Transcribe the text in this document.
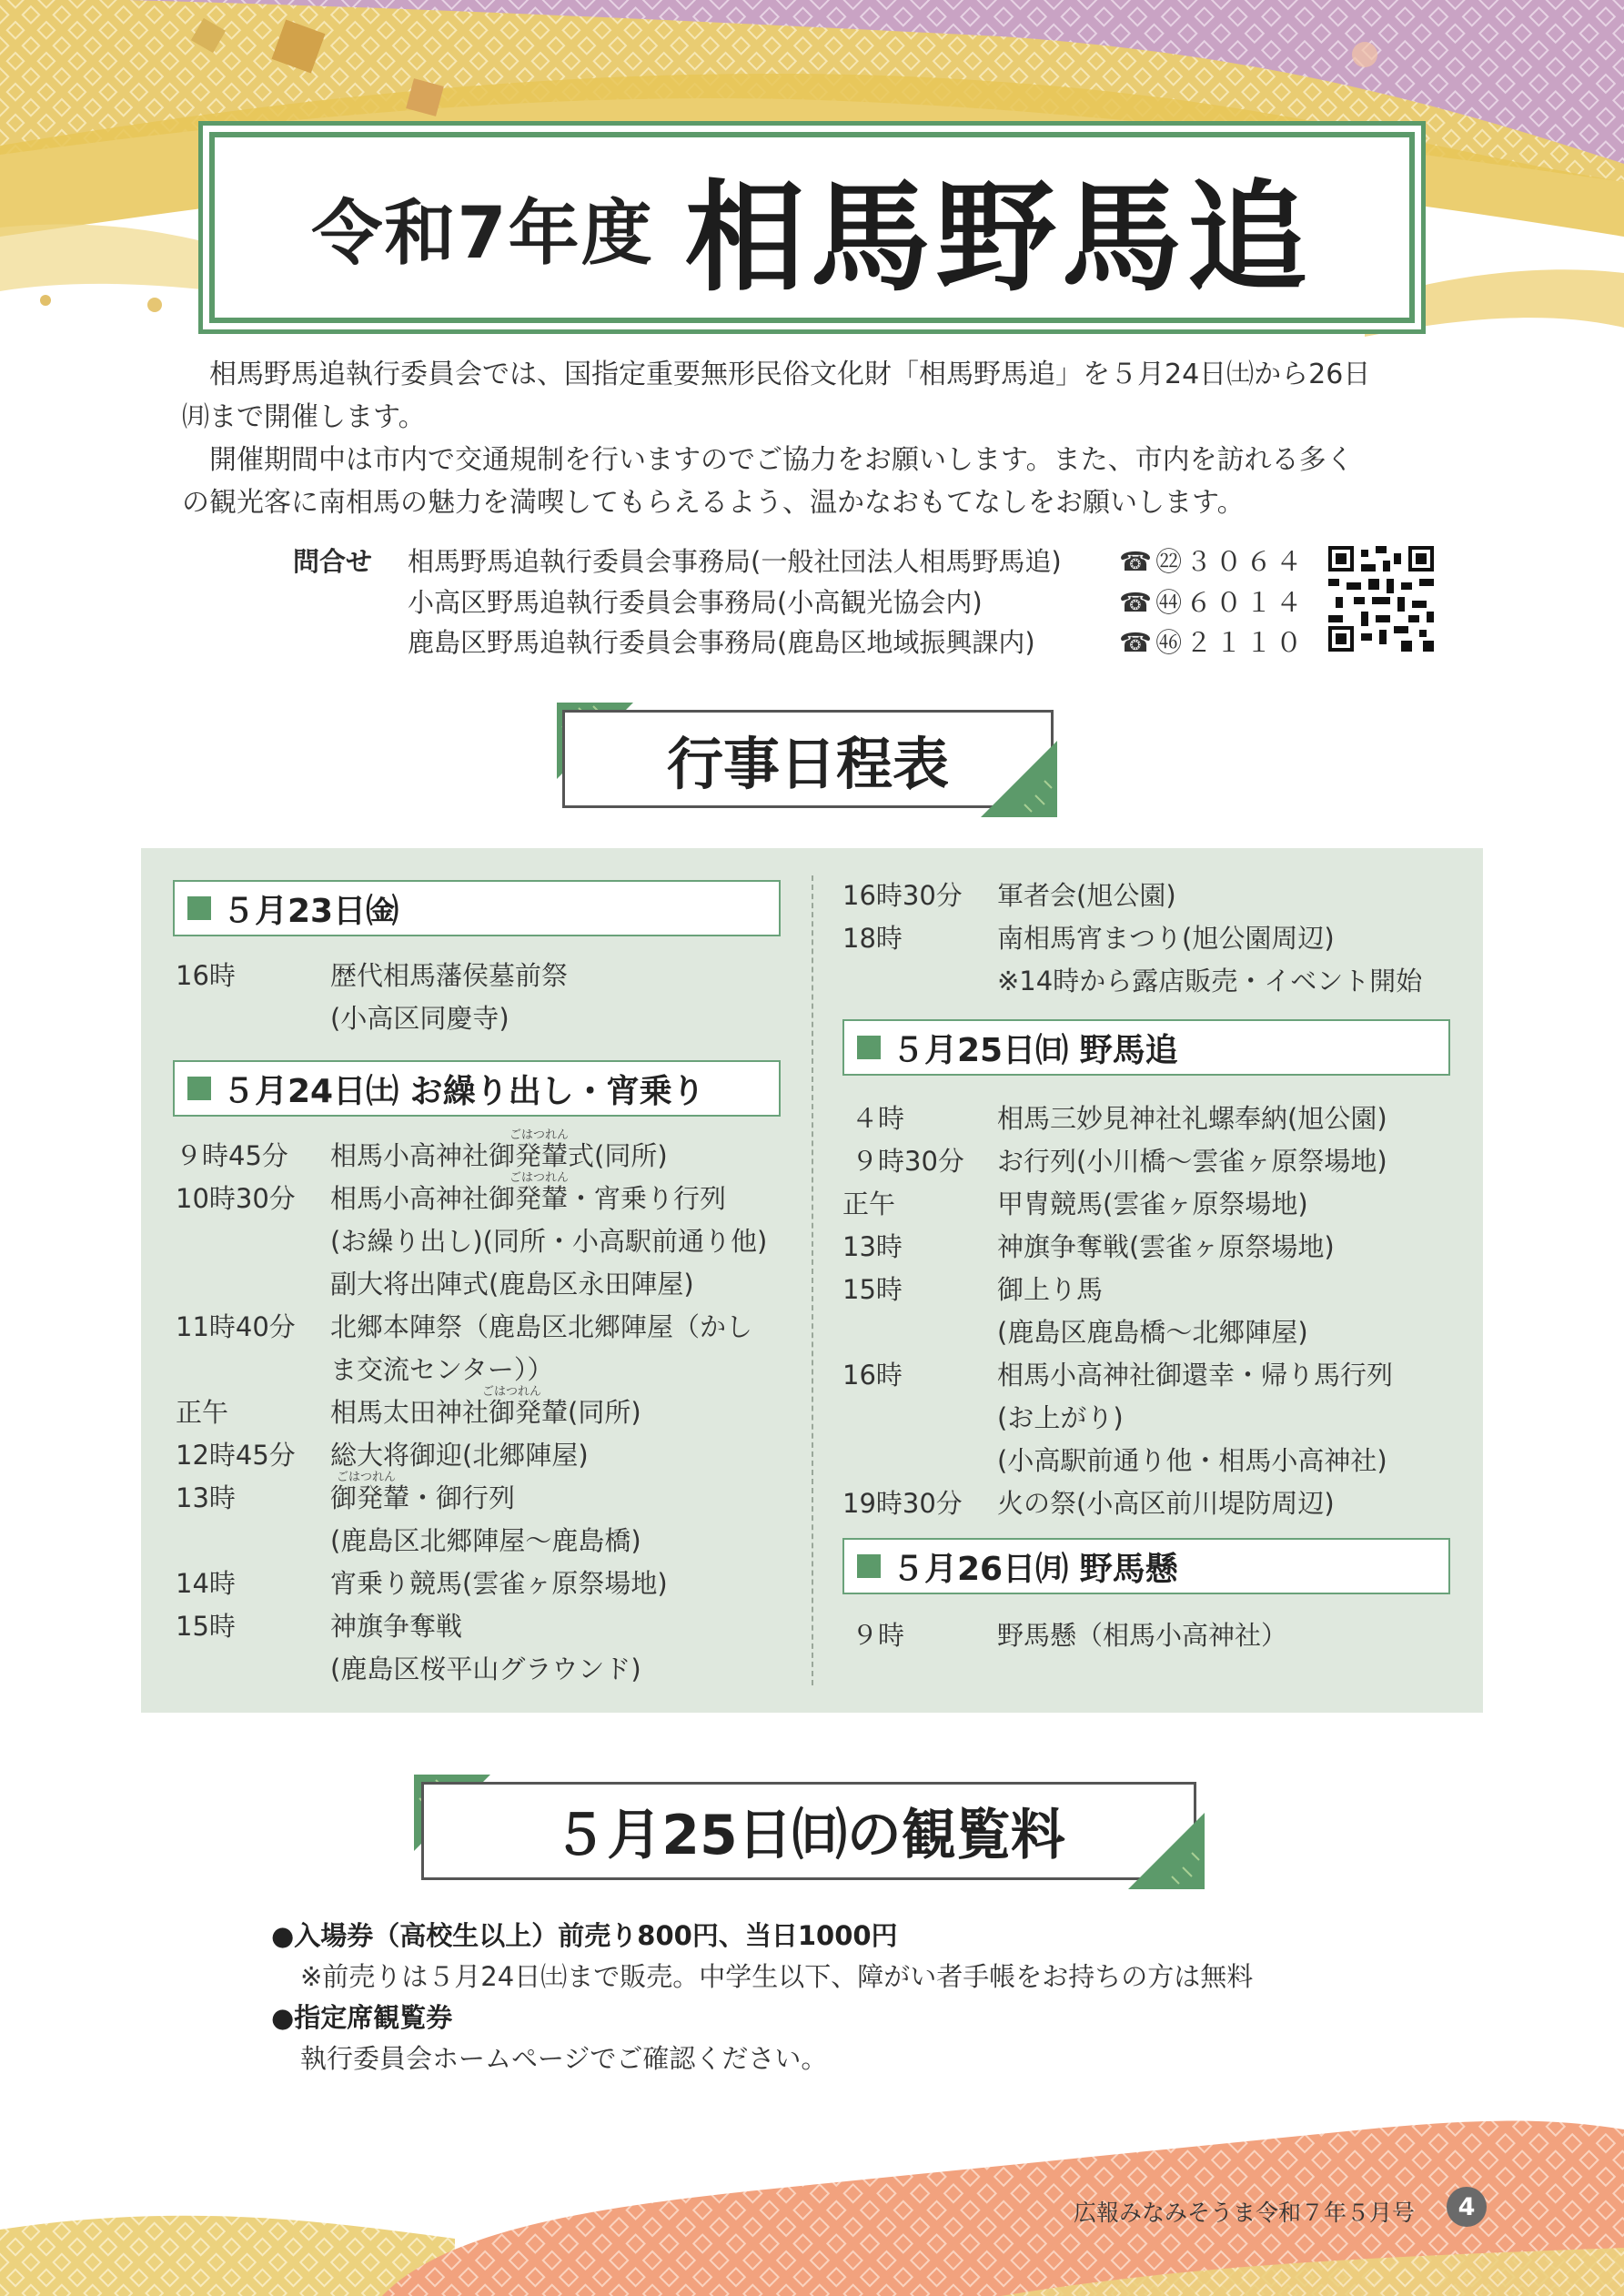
令和7年度 相馬野馬追

相馬野馬追執行委員会では、国指定重要無形民俗文化財「相馬野馬追」を５月24日㈯から26日

㈪まで開催します。

開催期間中は市内で交通規制を行いますのでご協力をお願いします。また、市内を訪れる多く

の観光客に南相馬の魅力を満喫してもらえるよう、温かなおもてなしをお願いします。

問合せ 相馬野馬追執行委員会事務局(一般社団法人相馬野馬追) ☎㉒３０６４
小高区野馬追執行委員会事務局(小高観光協会内)	☎㊹６０１４
鹿島区野馬追執行委員会事務局(鹿島区地域振興課内)	☎㊻２１１０
行事日程表
５月23日㈮
16時	歴代相馬藩侯墓前祭
(小高区同慶寺)
５月24日㈯ お繰り出し・宵乗り
９時45分 相馬小高神社御発輦式(同所)
ごはつれん
10時30分 相馬小高神社御発輦・宵乗り行列
ごはつれん
(お繰り出し)(同所・小高駅前通り他)
副大将出陣式(鹿島区永田陣屋)
11時40分 北郷本陣祭（鹿島区北郷陣屋（かし
ま交流センター））
正午	相馬太田神社御発輦(同所)
ごはつれん
12時45分 総大将御迎(北郷陣屋)
13時	御発輦・御行列
ごはつれん
(鹿島区北郷陣屋～鹿島橋)
14時	宵乗り競馬(雲雀ヶ原祭場地)
15時	神旗争奪戦
(鹿島区桜平山グラウンド)
16時30分 軍者会(旭公園)
18時	南相馬宵まつり(旭公園周辺)
※14時から露店販売・イベント開始
５月25日㈰ 野馬追
４時	相馬三妙見神社礼螺奉納(旭公園)
９時30分 お行列(小川橋～雲雀ヶ原祭場地)
正午	甲冑競馬(雲雀ヶ原祭場地)
13時	神旗争奪戦(雲雀ヶ原祭場地)
15時	御上り馬
(鹿島区鹿島橋～北郷陣屋)
16時	相馬小高神社御還幸・帰り馬行列
(お上がり)
(小高駅前通り他・相馬小高神社)
19時30分 火の祭(小高区前川堤防周辺)
５月26日㈪ 野馬懸
９時	野馬懸（相馬小高神社）
５月25日㈰の観覧料
●入場券（高校生以上）前売り800円、当日1000円
※前売りは５月24日㈯まで販売。中学生以下、障がい者手帳をお持ちの方は無料
●指定席観覧券
執行委員会ホームページでご確認ください。
広報みなみそうま令和７年５月号	4
